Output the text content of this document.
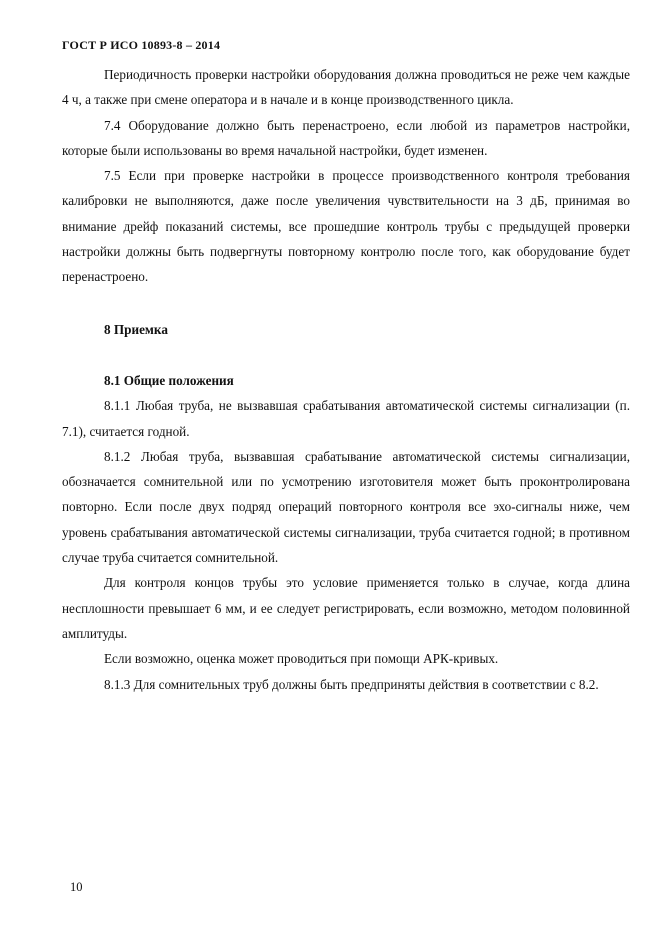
ГОСТ Р ИСО 10893-8 – 2014

Периодичность проверки настройки оборудования должна проводиться не реже чем каждые 4 ч, а также при смене оператора и в начале и в конце производственного цикла.

7.4 Оборудование должно быть перенастроено, если любой из параметров настройки, которые были использованы во время начальной настройки, будет изменен.

7.5 Если при проверке настройки в процессе производственного контроля требования калибровки не выполняются, даже после увеличения чувствительности на 3 дБ, принимая во внимание дрейф показаний системы, все прошедшие контроль трубы с предыдущей проверки настройки должны быть подвергнуты повторному контролю после того, как оборудование будет перенастроено.

8 Приемка

8.1 Общие положения

8.1.1 Любая труба, не вызвавшая срабатывания автоматической системы сигнализации (п. 7.1), считается годной.

8.1.2 Любая труба, вызвавшая срабатывание автоматической системы сигнализации, обозначается сомнительной или по усмотрению изготовителя может быть проконтролирована повторно. Если после двух подряд операций повторного контроля все эхо-сигналы ниже, чем уровень срабатывания автоматической системы сигнализации, труба считается годной; в противном случае труба считается сомнительной.

Для контроля концов трубы это условие применяется только в случае, когда длина несплошности превышает 6 мм, и ее следует регистрировать, если возможно, методом половинной амплитуды.

Если возможно, оценка может проводиться при помощи АРК-кривых.

8.1.3 Для сомнительных труб должны быть предприняты действия в соответствии с 8.2.

10
